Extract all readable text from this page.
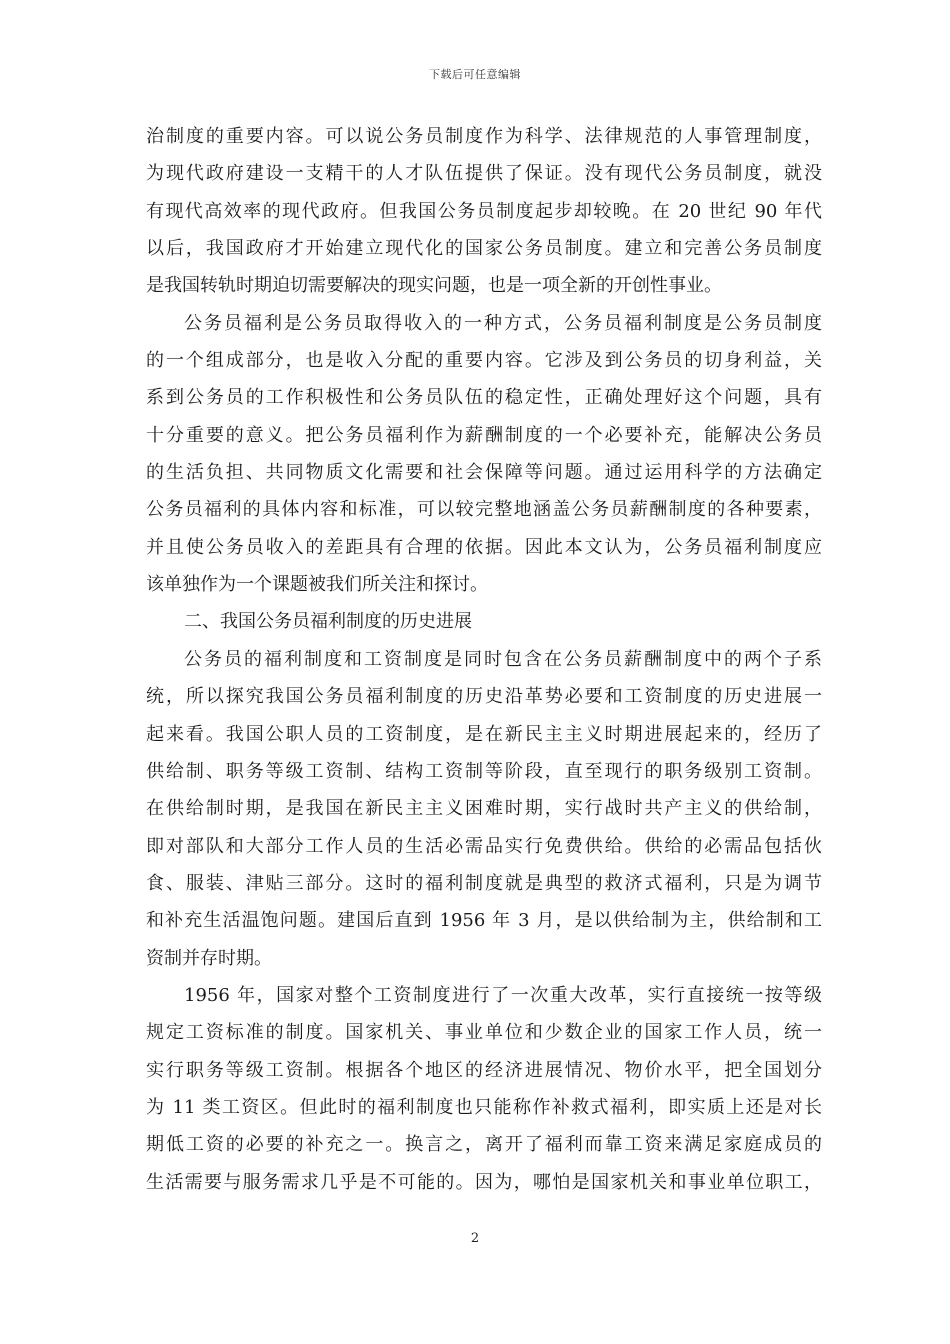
下载后可任意编辑
治制度的重要内容。可以说公务员制度作为科学、法律规范的人事管理制度，
为现代政府建设一支精干的人才队伍提供了保证。没有现代公务员制度，就没
有现代高效率的现代政府。但我国公务员制度起步却较晚。在 20 世纪 90 年代
以后，我国政府才开始建立现代化的国家公务员制度。建立和完善公务员制度
是我国转轨时期迫切需要解决的现实问题，也是一项全新的开创性事业。
公务员福利是公务员取得收入的一种方式，公务员福利制度是公务员制度
的一个组成部分，也是收入分配的重要内容。它涉及到公务员的切身利益，关
系到公务员的工作积极性和公务员队伍的稳定性，正确处理好这个问题，具有
十分重要的意义。把公务员福利作为薪酬制度的一个必要补充，能解决公务员
的生活负担、共同物质文化需要和社会保障等问题。通过运用科学的方法确定
公务员福利的具体内容和标准，可以较完整地涵盖公务员薪酬制度的各种要素，
并且使公务员收入的差距具有合理的依据。因此本文认为，公务员福利制度应
该单独作为一个课题被我们所关注和探讨。
二、我国公务员福利制度的历史进展
公务员的福利制度和工资制度是同时包含在公务员薪酬制度中的两个子系
统，所以探究我国公务员福利制度的历史沿革势必要和工资制度的历史进展一
起来看。我国公职人员的工资制度，是在新民主主义时期进展起来的，经历了
供给制、职务等级工资制、结构工资制等阶段，直至现行的职务级别工资制。
在供给制时期，是我国在新民主主义困难时期，实行战时共产主义的供给制，
即对部队和大部分工作人员的生活必需品实行免费供给。供给的必需品包括伙
食、服装、津贴三部分。这时的福利制度就是典型的救济式福利，只是为调节
和补充生活温饱问题。建国后直到 1956 年 3 月，是以供给制为主，供给制和工
资制并存时期。
1956 年，国家对整个工资制度进行了一次重大改革，实行直接统一按等级
规定工资标准的制度。国家机关、事业单位和少数企业的国家工作人员，统一
实行职务等级工资制。根据各个地区的经济进展情况、物价水平，把全国划分
为 11 类工资区。但此时的福利制度也只能称作补救式福利，即实质上还是对长
期低工资的必要的补充之一。换言之，离开了福利而靠工资来满足家庭成员的
生活需要与服务需求几乎是不可能的。因为，哪怕是国家机关和事业单位职工，
2
